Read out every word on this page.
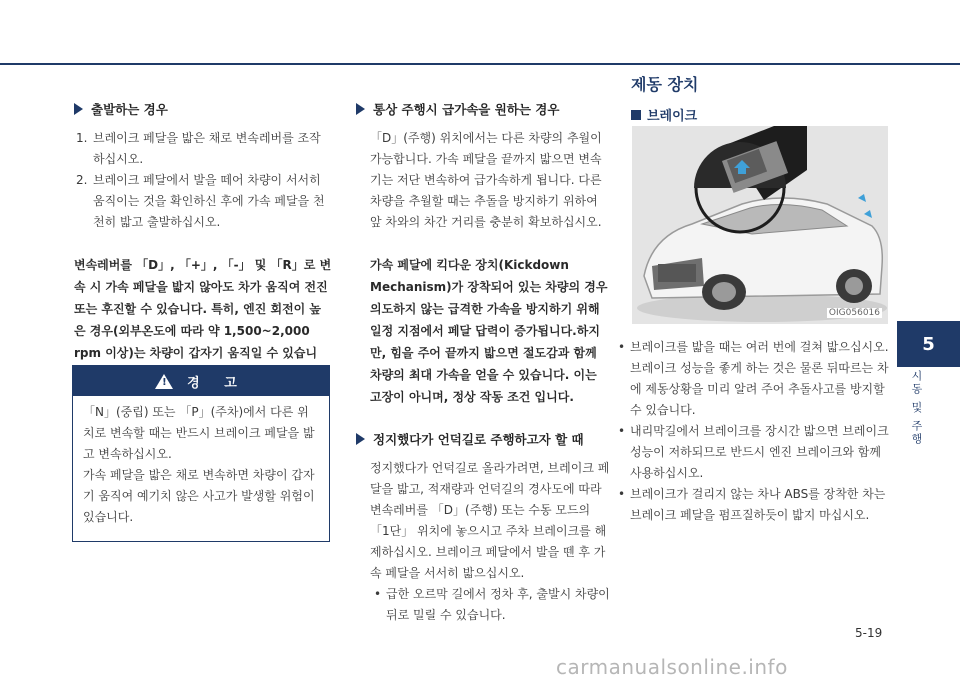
출발하는 경우
1. 브레이크 페달을 밟은 채로 변속레버를 조작하십시오.
2. 브레이크 페달에서 발을 떼어 차량이 서서히 움직이는 것을 확인하신 후에 가속 페달을 천천히 밟고 출발하십시오.

변속레버를 「D」, 「+」, 「-」 및 「R」로 변속 시 가속 페달을 밟지 않아도 차가 움직여 전진 또는 후진할 수 있습니다. 특히, 엔진 회전이 높은 경우(외부온도에 따라 약 1,500~2,000 rpm 이상)는 차량이 갑자기 움직일 수 있습니

! 경 고

「N」(중립) 또는 「P」(주차)에서 다른 위치로 변속할 때는 반드시 브레이크 페달을 밟고 변속하십시오.

가속 페달을 밟은 채로 변속하면 차량이 갑자기 움직여 예기치 않은 사고가 발생할 위험이 있습니다.

통상 주행시 급가속을 원하는 경우

「D」(주행) 위치에서는 다른 차량의 추월이 가능합니다. 가속 페달을 끝까지 밟으면 변속기는 저단 변속하여 급가속하게 됩니다. 다른 차량을 추월할 때는 추돌을 방지하기 위하여 앞 차와의 차간 거리를 충분히 확보하십시오.

가속 페달에 킥다운 장치(Kickdown Mechanism)가 장착되어 있는 차량의 경우 의도하지 않는 급격한 가속을 방지하기 위해 일정 지점에서 페달 답력이 증가됩니다.하지만, 힘을 주어 끝까지 밟으면 절도감과 함께 차량의 최대 가속을 얻을 수 있습니다. 이는 고장이 아니며, 정상 작동 조건 입니다.

정지했다가 언덕길로 주행하고자 할 때

정지했다가 언덕길로 올라가려면, 브레이크 페달을 밟고, 적재량과 언덕길의 경사도에 따라 변속레버를 「D」(주행) 또는 수동 모드의 「1단」 위치에 놓으시고 주차 브레이크를 해제하십시오. 브레이크 페달에서 발을 뗀 후 가속 페달을 서서히 밟으십시오.

• 급한 오르막 길에서 정차 후, 출발시 차량이 뒤로 밀릴 수 있습니다.
제동 장치
브레이크
OIG056016
• 브레이크를 밟을 때는 여러 번에 걸쳐 밟으십시오. 브레이크 성능을 좋게 하는 것은 물론 뒤따르는 차에 제동상황을 미리 알려 주어 추돌사고를 방지할 수 있습니다.
• 내리막길에서 브레이크를 장시간 밟으면 브레이크 성능이 저하되므로 반드시 엔진 브레이크와 함께 사용하십시오.
• 브레이크가 걸리지 않는 차나 ABS를 장착한 차는 브레이크 페달을 펌프질하듯이 밟지 마십시오.
5
시동 및 주행
5-19
carmanualsonline.info
